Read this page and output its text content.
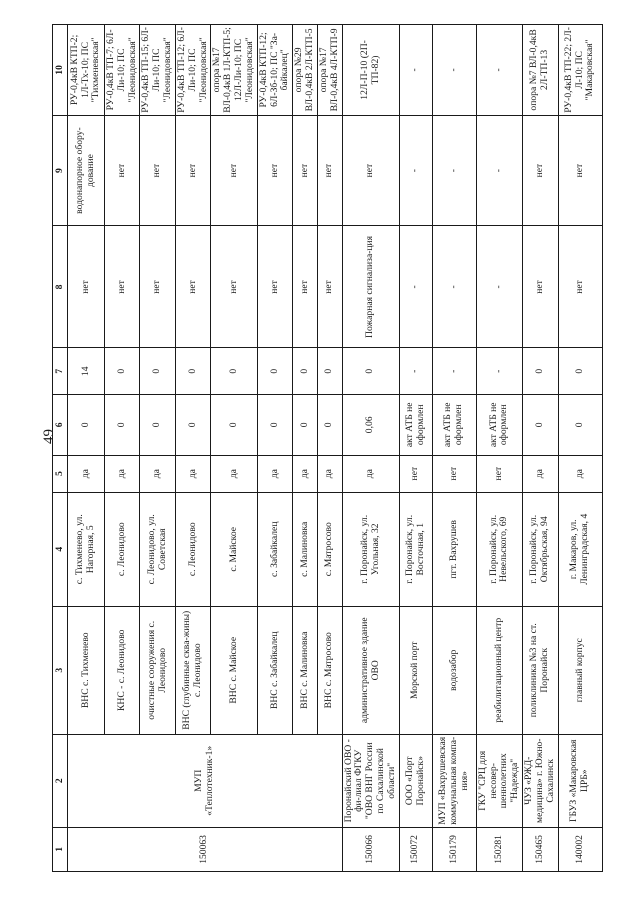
49
1	2	3	4	5	6	7	8	9	10
150063	МУП «Теплотехник-1»	ВНС с. Тихменево	с. Тихменево, ул. Нагорная, 5	да	0	14	нет	водонапорное обору-дование	РУ-0,4кВ КТП-2; 1Л-Тх-10; ПС "Тихменевская"
		КНС - с. Леонидово	с. Леонидово	да	0	0	нет	нет	РУ-0,4кВ ТП-7; 6Л-Ли-10; ПС "Леонидовская"
		очистные сооружения с. Леонидово	с. Леонидово, ул. Советская	да	0	0	нет	нет	РУ-0,4кВ ТП-15; 6Л-Ли-10; ПС "Леонидовская"
		ВНС (глубинные сква-жины) с. Леонидово	с. Леонидово	да	0	0	нет	нет	РУ-0,4кВ ТП-12; 6Л-Ли-10; ПС "Леонидовская"
		ВНС с. Майское	с. Майское	да	0	0	нет	нет	опора №17 ВЛ-0,4кВ 1Л-КТП-5; 12Л-Ли-10; ПС "Леонидовская"
		ВНС с. Забайкалец	с. Забайкалец	да	0	0	нет	нет	РУ-0,4кВ КТП-12; 6Л-Зб-10; ПС "За-байкалец"
		ВНС с. Малиновка	с. Малиновка	да	0	0	нет	нет	опора №29 ВЛ-0,4кВ 2Л-КТП-5
		ВНС с. Матросово	с. Матросово	да	0	0	нет	нет	опора №17 ВЛ-0,4кВ 4Л-КТП-9
150066	Поронайский ОВО - фи-лиал ФГКУ "ОВО ВНГ России по Сахалинской области"	административное здание ОВО	г. Поронайск, ул. Угольная, 32	да	0,06	0	Пожарная сигнализа-ция	нет	12Л-П-10 (2П-ТП-82)
150072	ООО «Порт Поронайск»	Морской порт	г. Поронайск, ул. Восточная, 1	нет	акт АТБ не оформлен	-	-	-	-
150179	МУП «Вахрушевская коммунальная компа-ния»	водозабор	пгт. Вахрушев	нет	акт АТБ не оформлен	-	-	-	-
150281	ГКУ "СРЦ для несовер-шеннолетних "Надежда"	реабилитационный центр	г. Поронайск, ул. Невельского, 69	нет	акт АТБ не оформлен	-	-	-	-
150465	ЧУЗ «РЖД-медицина» г. Южно-Сахалинск	поликлиника №3 на ст. Поронайск	г. Поронайск, ул. Октябрьская, 94	да	0	0	нет	нет	опора №7 ВЛ-0,4кВ 2Л-ТП-13
140002	ГБУЗ «Макаровская ЦРБ»	главный корпус	г. Макаров, ул. Ленинградская, 4	да	0	0	нет	нет	РУ-0,4кВ ТП-22; 2Л-Л-10; ПС "Макаровская"
